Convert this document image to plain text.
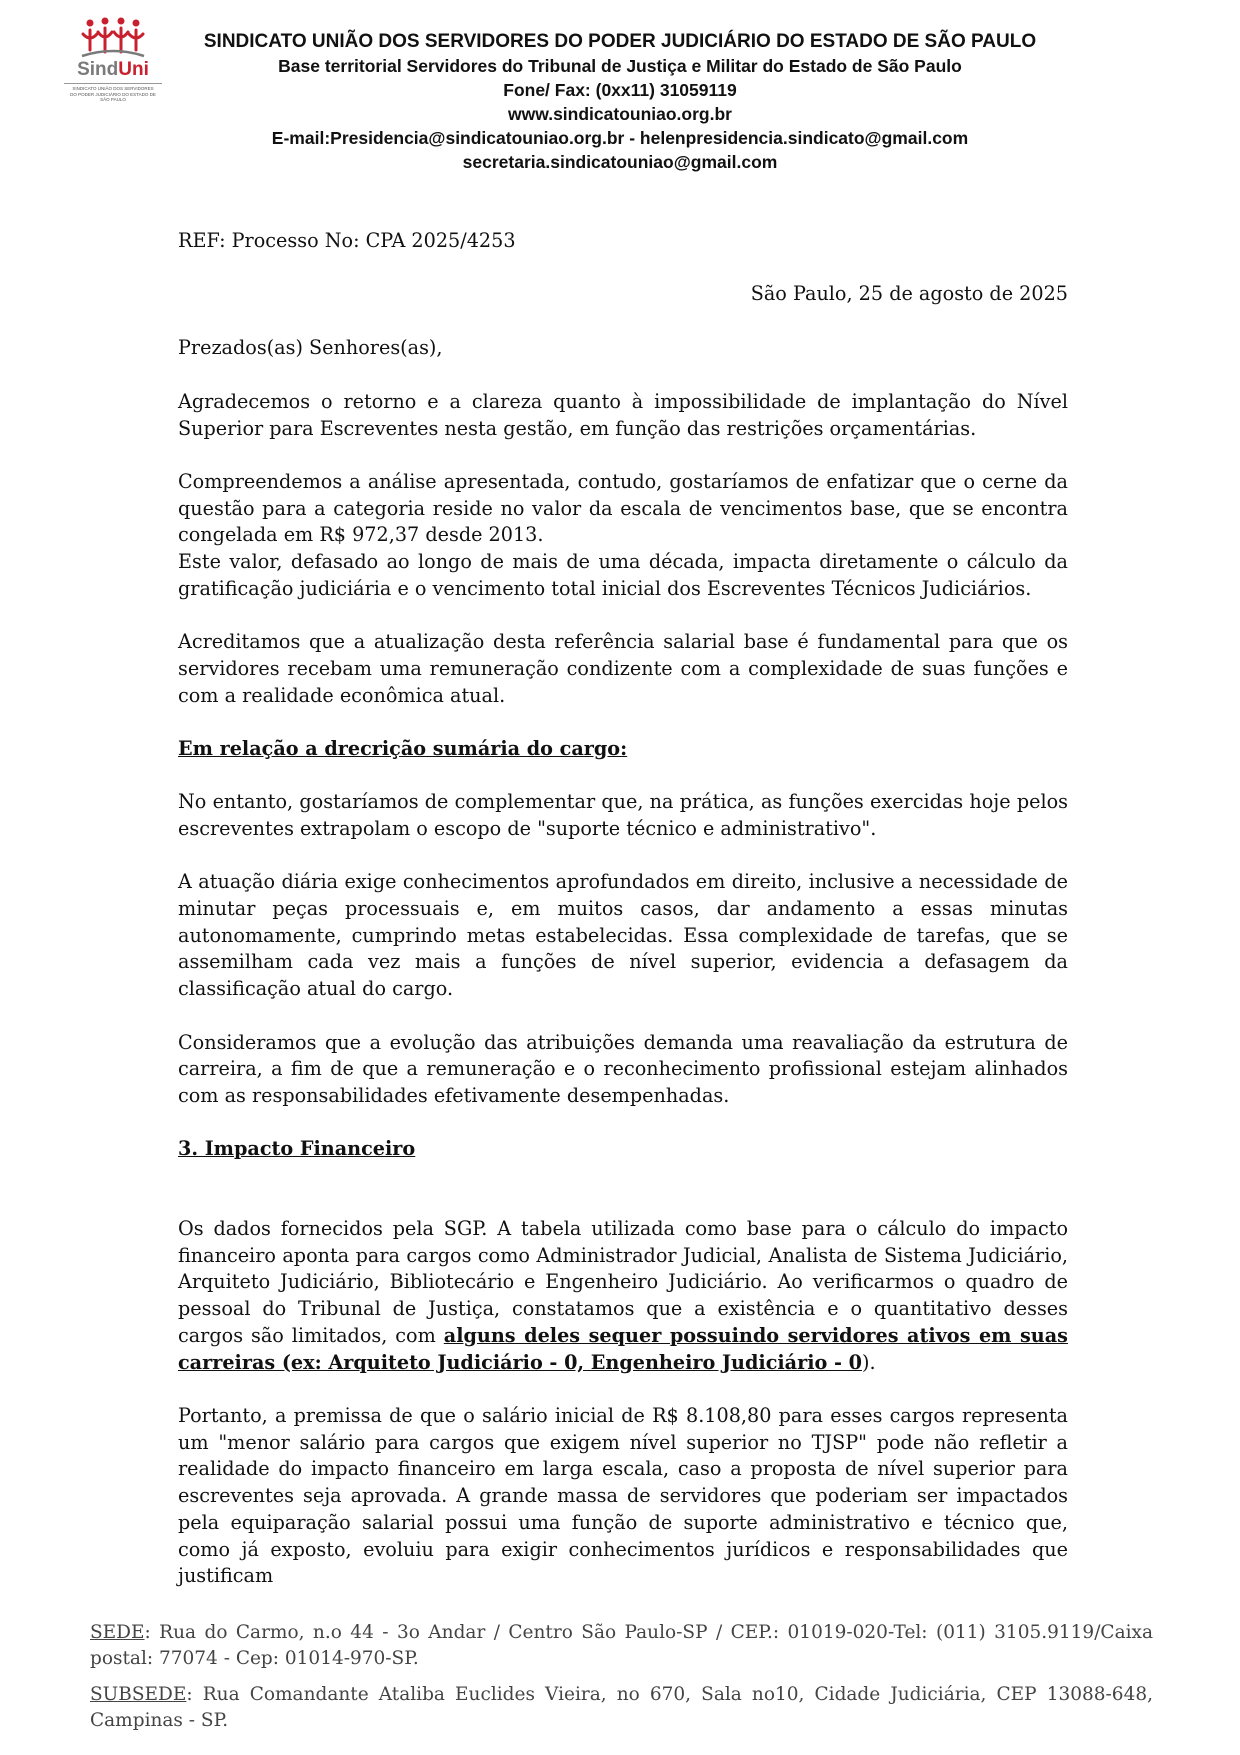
SindUni
SINDICATO UNIÃO DOS SERVIDORES DO PODER JUDICIÁRIO DO ESTADO DE SÃO PAULO
SINDICATO UNIÃO DOS SERVIDORES DO PODER JUDICIÁRIO DO ESTADO DE SÃO PAULO
Base territorial Servidores do Tribunal de Justiça e Militar do Estado de São Paulo
Fone/ Fax: (0xx11) 31059119
www.sindicatouniao.org.br
E-mail:Presidencia@sindicatouniao.org.br - helenpresidencia.sindicato@gmail.com
secretaria.sindicatouniao@gmail.com

REF: Processo No: CPA 2025/4253

São Paulo, 25 de agosto de 2025

Prezados(as) Senhores(as),

Agradecemos o retorno e a clareza quanto à impossibilidade de implantação do Nível Superior para Escreventes nesta gestão, em função das restrições orçamentárias.

Compreendemos a análise apresentada, contudo, gostaríamos de enfatizar que o cerne da questão para a categoria reside no valor da escala de vencimentos base, que se encontra congelada em R$ 972,37 desde 2013.

Este valor, defasado ao longo de mais de uma década, impacta diretamente o cálculo da gratificação judiciária e o vencimento total inicial dos Escreventes Técnicos Judiciários.

Acreditamos que a atualização desta referência salarial base é fundamental para que os servidores recebam uma remuneração condizente com a complexidade de suas funções e com a realidade econômica atual.

Em relação a drecrição sumária do cargo:

No entanto, gostaríamos de complementar que, na prática, as funções exercidas hoje pelos escreventes extrapolam o escopo de "suporte técnico e administrativo".

A atuação diária exige conhecimentos aprofundados em direito, inclusive a necessidade de minutar peças processuais e, em muitos casos, dar andamento a essas minutas autonomamente, cumprindo metas estabelecidas. Essa complexidade de tarefas, que se assemilham cada vez mais a funções de nível superior, evidencia a defasagem da classificação atual do cargo.

Consideramos que a evolução das atribuições demanda uma reavaliação da estrutura de carreira, a fim de que a remuneração e o reconhecimento profissional estejam alinhados com as responsabilidades efetivamente desempenhadas.

3. Impacto Financeiro

Os dados fornecidos pela SGP. A tabela utilizada como base para o cálculo do impacto financeiro aponta para cargos como Administrador Judicial, Analista de Sistema Judiciário, Arquiteto Judiciário, Bibliotecário e Engenheiro Judiciário. Ao verificarmos o quadro de pessoal do Tribunal de Justiça, constatamos que a existência e o quantitativo desses cargos são limitados, com alguns deles sequer possuindo servidores ativos em suas carreiras (ex: Arquiteto Judiciário - 0, Engenheiro Judiciário - 0).

Portanto, a premissa de que o salário inicial de R$ 8.108,80 para esses cargos representa um "menor salário para cargos que exigem nível superior no TJSP" pode não refletir a realidade do impacto financeiro em larga escala, caso a proposta de nível superior para escreventes seja aprovada. A grande massa de servidores que poderiam ser impactados pela equiparação salarial possui uma função de suporte administrativo e técnico que, como já exposto, evoluiu para exigir conhecimentos jurídicos e responsabilidades que justificam

SEDE: Rua do Carmo, n.o 44 - 3o Andar / Centro São Paulo-SP / CEP.: 01019-020-Tel: (011) 3105.9119/Caixa postal: 77074 - Cep: 01014-970-SP.

SUBSEDE: Rua Comandante Ataliba Euclides Vieira, no 670, Sala no10, Cidade Judiciária, CEP 13088-648, Campinas - SP.
